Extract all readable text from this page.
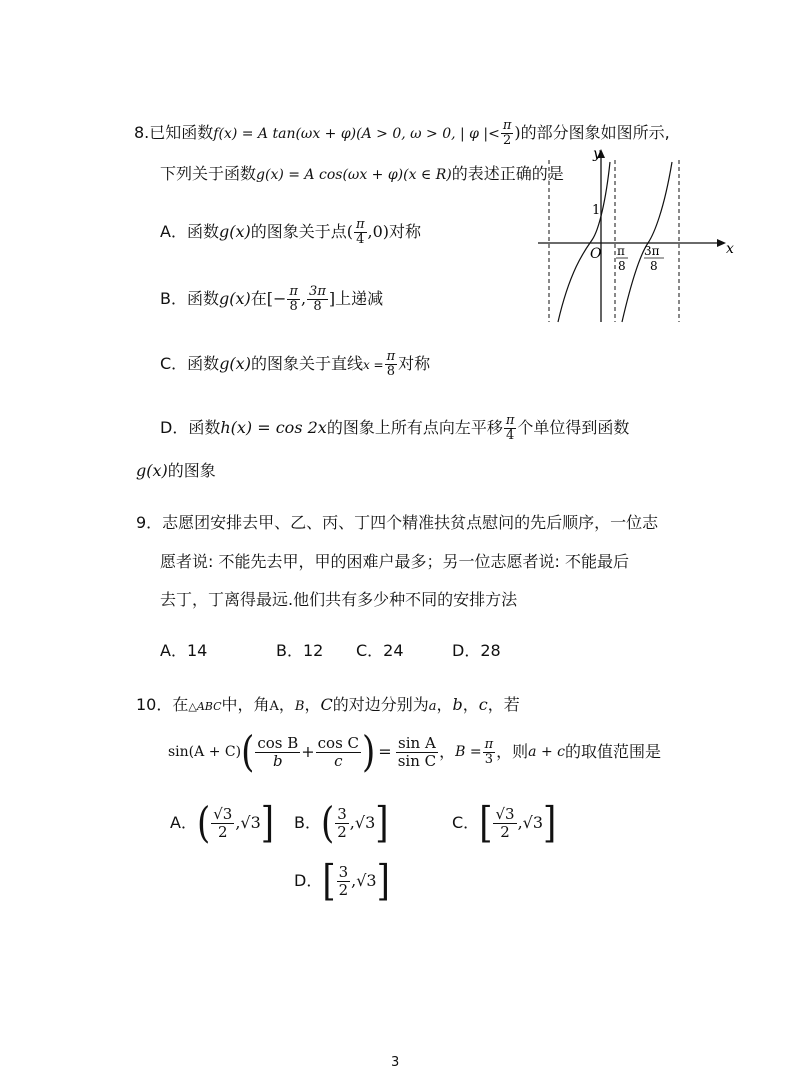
8.已知函数f(x) = A tan(ωx + φ)(A > 0, ω > 0, | φ |< $\frac{\pi}{2}$ )的部分图象如图所示,
下列关于函数g(x) = A cos(ωx + φ)(x ∈ R)的表述正确的是
A．函数g(x)的图象关于点( $\frac{\pi}{4} ,0$)对称
B．函数g(x)在[− $\frac{\pi}{8}$ , $\frac{3\pi}{8}$ ]上递减
C．函数g(x)的图象关于直线$x = \frac{\pi}{8}$ 对称
D．函数h(x) = cos 2x的图象上所有点向左平移 $\frac{\pi}{4}$ 个单位得到函数
g(x)的图象
y
x
O
1
π
8
3π
8
9．志愿团安排去甲、乙、丙、丁四个精准扶贫点慰问的先后顺序，一位志
愿者说: 不能先去甲，甲的困难户最多；另一位志愿者说: 不能最后
去丁，丁离得最远.他们共有多少种不同的安排方法
A．14	B．12 C．24	D．28
10．在△ABC中，角A，B，C的对边分别为a，b，c，若
sin(A + C) ( $\frac{\text{cos B}}{b} + \frac{\text{cos C}}{c}$ ) = $\frac{\text{sin A}}{\text{sin C}}$ ， $B = \frac{\pi}{3}$ ，则 a + c 的取值范围是
A． ( $\frac{√3}{2}$ , √3 ] B． ( $\frac{3}{2}$ , √3 ]	C． [ $\frac{√3}{2}$ , √3 ]
D． [ $\frac{3}{2}$ , √3 ]
3
